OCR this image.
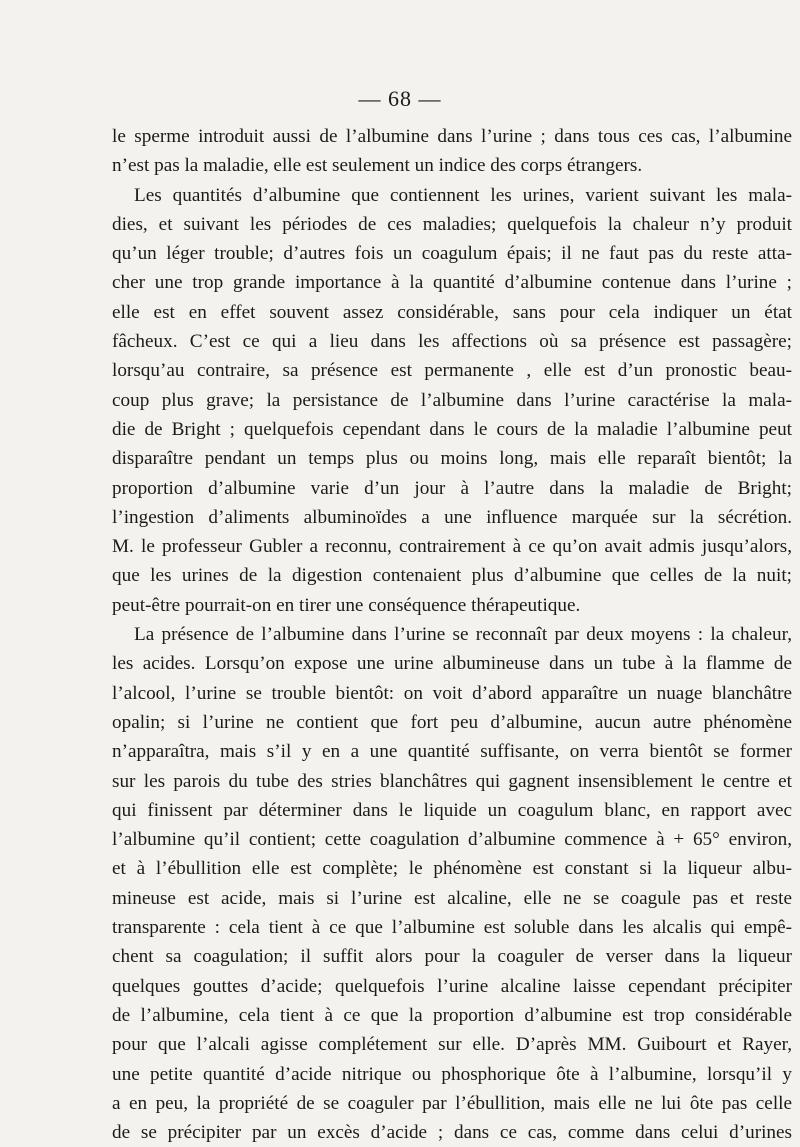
— 68 —
le sperme introduit aussi de l’albumine dans l’urine ; dans tous ces cas, l’albumine
n’est pas la maladie, elle est seulement un indice des corps étrangers.
Les quantités d’albumine que contiennent les urines, varient suivant les mala-
dies, et suivant les périodes de ces maladies; quelquefois la chaleur n’y produit
qu’un léger trouble; d’autres fois un coagulum épais; il ne faut pas du reste atta-
cher une trop grande importance à la quantité d’albumine contenue dans l’urine ;
elle est en effet souvent assez considérable, sans pour cela indiquer un état
fâcheux. C’est ce qui a lieu dans les affections où sa présence est passagère;
lorsqu’au contraire, sa présence est permanente , elle est d’un pronostic beau-
coup plus grave; la persistance de l’albumine dans l’urine caractérise la mala-
die de Bright ; quelquefois cependant dans le cours de la maladie l’albumine peut
disparaître pendant un temps plus ou moins long, mais elle reparaît bientôt; la
proportion d’albumine varie d’un jour à l’autre dans la maladie de Bright;
l’ingestion d’aliments albuminoïdes a une influence marquée sur la sécrétion.
M. le professeur Gubler a reconnu, contrairement à ce qu’on avait admis jusqu’alors,
que les urines de la digestion contenaient plus d’albumine que celles de la nuit;
peut-être pourrait-on en tirer une conséquence thérapeutique.
La présence de l’albumine dans l’urine se reconnaît par deux moyens : la chaleur,
les acides. Lorsqu’on expose une urine albumineuse dans un tube à la flamme de
l’alcool, l’urine se trouble bientôt: on voit d’abord apparaître un nuage blanchâtre
opalin; si l’urine ne contient que fort peu d’albumine, aucun autre phénomène
n’apparaîtra, mais s’il y en a une quantité suffisante, on verra bientôt se former
sur les parois du tube des stries blanchâtres qui gagnent insensiblement le centre et
qui finissent par déterminer dans le liquide un coagulum blanc, en rapport avec
l’albumine qu’il contient; cette coagulation d’albumine commence à + 65° environ,
et à l’ébullition elle est complète; le phénomène est constant si la liqueur albu-
mineuse est acide, mais si l’urine est alcaline, elle ne se coagule pas et reste
transparente : cela tient à ce que l’albumine est soluble dans les alcalis qui empê-
chent sa coagulation; il suffit alors pour la coaguler de verser dans la liqueur
quelques gouttes d’acide; quelquefois l’urine alcaline laisse cependant précipiter
de l’albumine, cela tient à ce que la proportion d’albumine est trop considérable
pour que l’alcali agisse complétement sur elle. D’après MM. Guibourt et Rayer,
une petite quantité d’acide nitrique ou phosphorique ôte à l’albumine, lorsqu’il y
a en peu, la propriété de se coaguler par l’ébullition, mais elle ne lui ôte pas celle
de se précipiter par un excès d’acide ; dans ce cas, comme dans celui d’urines
